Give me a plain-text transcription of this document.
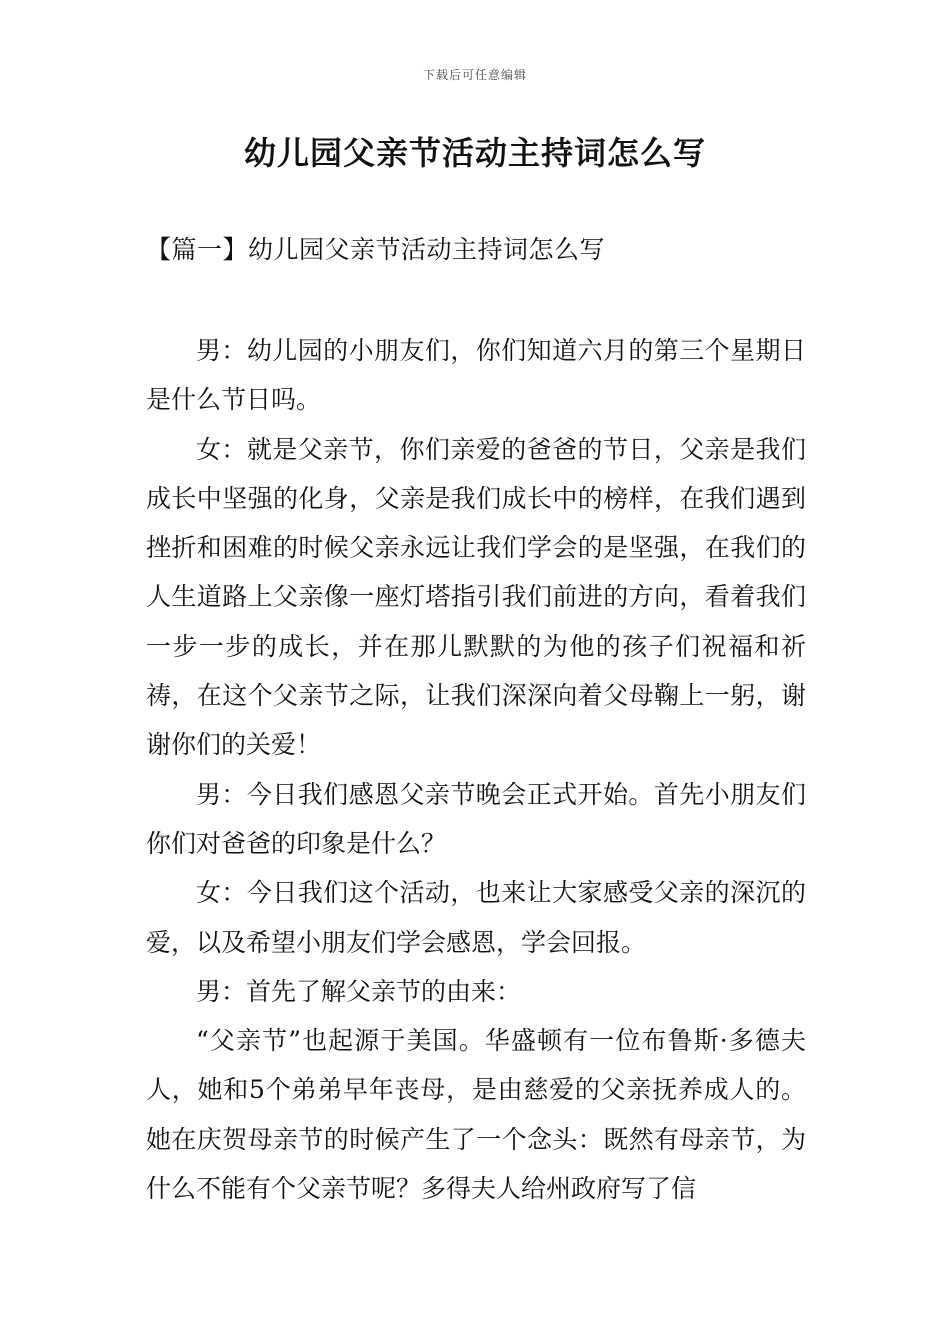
下载后可任意编辑
幼儿园父亲节活动主持词怎么写
【篇一】幼儿园父亲节活动主持词怎么写

男：幼儿园的小朋友们，你们知道六月的第三个星期日是什么节日吗。

女：就是父亲节，你们亲爱的爸爸的节日，父亲是我们成长中坚强的化身，父亲是我们成长中的榜样，在我们遇到挫折和困难的时候父亲永远让我们学会的是坚强，在我们的人生道路上父亲像一座灯塔指引我们前进的方向，看着我们一步一步的成长，并在那儿默默的为他的孩子们祝福和祈祷，在这个父亲节之际，让我们深深向着父母鞠上一躬，谢谢你们的关爱！

男：今日我们感恩父亲节晚会正式开始。首先小朋友们你们对爸爸的印象是什么？

女：今日我们这个活动，也来让大家感受父亲的深沉的爱，以及希望小朋友们学会感恩，学会回报。

男：首先了解父亲节的由来：

“父亲节”也起源于美国。华盛顿有一位布鲁斯·多德夫人，她和5个弟弟早年丧母，是由慈爱的父亲抚养成人的。她在庆贺母亲节的时候产生了一个念头：既然有母亲节，为什么不能有个父亲节呢？多得夫人给州政府写了信
